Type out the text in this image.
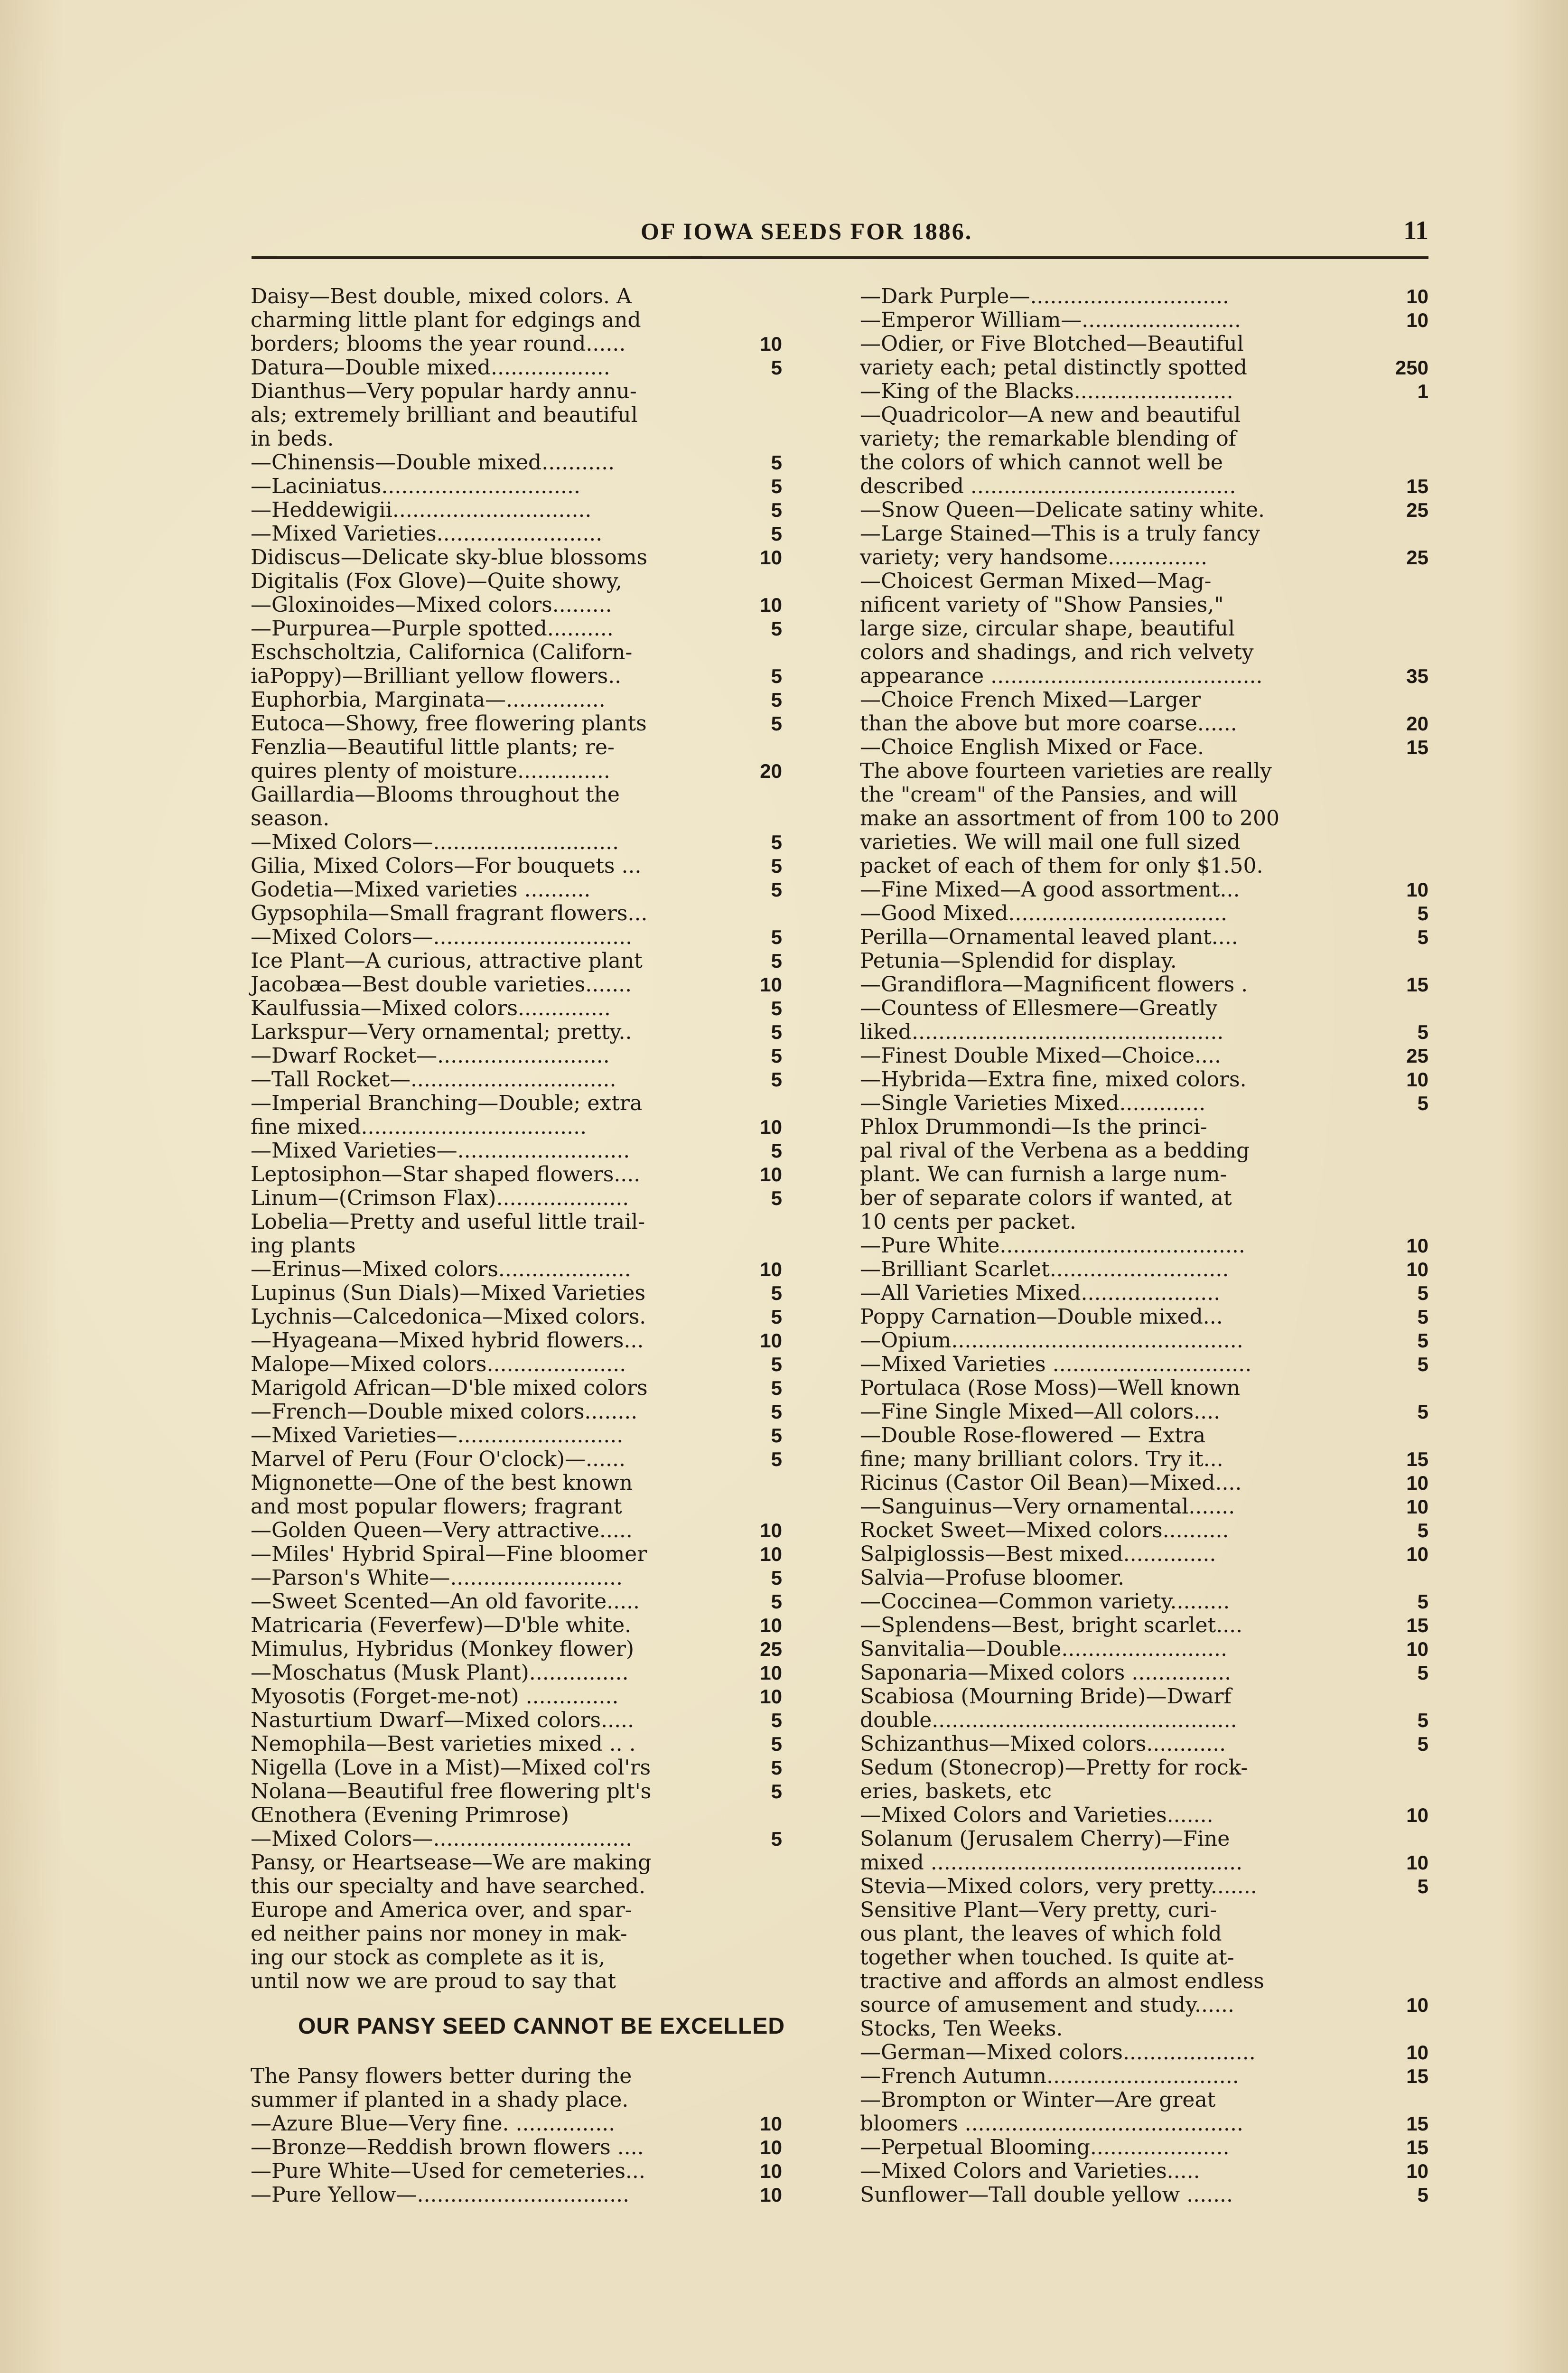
OF IOWA SEEDS FOR 1886.	11
Daisy—Best double, mixed colors. A
charming little plant for edgings and
borders; blooms the year round......	10
Datura—Double mixed..................	5
Dianthus—Very popular hardy annu-
als; extremely brilliant and beautiful
in beds.
—Chinensis—Double mixed...........	5
—Laciniatus..............................	5
—Heddewigii..............................	5
—Mixed Varieties.........................	5
Didiscus—Delicate sky-blue blossoms	10
Digitalis (Fox Glove)—Quite showy,
—Gloxinoides—Mixed colors.........	10
—Purpurea—Purple spotted..........	5
Eschscholtzia, Californica (Californ-
iaPoppy)—Brilliant yellow flowers..	5
Euphorbia, Marginata—...............	5
Eutoca—Showy, free flowering plants	5
Fenzlia—Beautiful little plants; re-
quires plenty of moisture..............	20
Gaillardia—Blooms throughout the
season.
—Mixed Colors—............................	5
Gilia, Mixed Colors—For bouquets ...	5
Godetia—Mixed varieties ..........	5
Gypsophila—Small fragrant flowers...
—Mixed Colors—..............................	5
Ice Plant—A curious, attractive plant	5
Jacobæa—Best double varieties.......	10
Kaulfussia—Mixed colors..............	5
Larkspur—Very ornamental; pretty..	5
—Dwarf Rocket—..........................	5
—Tall Rocket—...............................	5
—Imperial Branching—Double; extra
fine mixed..................................	10
—Mixed Varieties—..........................	5
Leptosiphon—Star shaped flowers....	10
Linum—(Crimson Flax)....................	5
Lobelia—Pretty and useful little trail-
ing plants
—Erinus—Mixed colors....................	10
Lupinus (Sun Dials)—Mixed Varieties	5
Lychnis—Calcedonica—Mixed colors.	5
—Hyageana—Mixed hybrid flowers...	10
Malope—Mixed colors.....................	5
Marigold African—D'ble mixed colors	5
—French—Double mixed colors........	5
—Mixed Varieties—.........................	5
Marvel of Peru (Four O'clock)—......	5
Mignonette—One of the best known
and most popular flowers; fragrant
—Golden Queen—Very attractive.....	10
—Miles' Hybrid Spiral—Fine bloomer	10
—Parson's White—..........................	5
—Sweet Scented—An old favorite.....	5
Matricaria (Feverfew)—D'ble white.	10
Mimulus, Hybridus (Monkey flower)	25
—Moschatus (Musk Plant)...............	10
Myosotis (Forget-me-not) ..............	10
Nasturtium Dwarf—Mixed colors.....	5
Nemophila—Best varieties mixed .. .	5
Nigella (Love in a Mist)—Mixed col'rs	5
Nolana—Beautiful free flowering plt's	5
Œnothera (Evening Primrose)
—Mixed Colors—..............................	5
Pansy, or Heartsease—We are making
this our specialty and have searched.
Europe and America over, and spar-
ed neither pains nor money in mak-
ing our stock as complete as it is,
until now we are proud to say that
OUR PANSY SEED CANNOT BE EXCELLED
The Pansy flowers better during the
summer if planted in a shady place.
—Azure Blue—Very fine. ...............	10
—Bronze—Reddish brown flowers ....	10
—Pure White—Used for cemeteries...	10
—Pure Yellow—................................	10
—Dark Purple—..............................	10
—Emperor William—........................	10
—Odier, or Five Blotched—Beautiful
variety each; petal distinctly spotted	250
—King of the Blacks........................	1
—Quadricolor—A new and beautiful
variety; the remarkable blending of
the colors of which cannot well be
described ........................................	15
—Snow Queen—Delicate satiny white.	25
—Large Stained—This is a truly fancy
variety; very handsome...............	25
—Choicest German Mixed—Mag-
nificent variety of "Show Pansies,"
large size, circular shape, beautiful
colors and shadings, and rich velvety
appearance .........................................	35
—Choice French Mixed—Larger
than the above but more coarse......	20
—Choice English Mixed or Face.	15
The above fourteen varieties are really
the "cream" of the Pansies, and will
make an assortment of from 100 to 200
varieties. We will mail one full sized
packet of each of them for only $1.50.
—Fine Mixed—A good assortment...	10
—Good Mixed.................................	5
Perilla—Ornamental leaved plant....	5
Petunia—Splendid for display.
—Grandiflora—Magnificent flowers .	15
—Countess of Ellesmere—Greatly
liked...............................................	5
—Finest Double Mixed—Choice....	25
—Hybrida—Extra fine, mixed colors.	10
—Single Varieties Mixed.............	5
Phlox Drummondi—Is the princi-
pal rival of the Verbena as a bedding
plant. We can furnish a large num-
ber of separate colors if wanted, at
10 cents per packet.
—Pure White.....................................	10
—Brilliant Scarlet...........................	10
—All Varieties Mixed.....................	5
Poppy Carnation—Double mixed...	5
—Opium............................................	5
—Mixed Varieties ..............................	5
Portulaca (Rose Moss)—Well known
—Fine Single Mixed—All colors....	5
—Double Rose-flowered — Extra
fine; many brilliant colors. Try it...	15
Ricinus (Castor Oil Bean)—Mixed....	10
—Sanguinus—Very ornamental.......	10
Rocket Sweet—Mixed colors..........	5
Salpiglossis—Best mixed..............	10
Salvia—Profuse bloomer.
—Coccinea—Common variety.........	5
—Splendens—Best, bright scarlet....	15
Sanvitalia—Double.........................	10
Saponaria—Mixed colors ...............	5
Scabiosa (Mourning Bride)—Dwarf
double..............................................	5
Schizanthus—Mixed colors............	5
Sedum (Stonecrop)—Pretty for rock-
eries, baskets, etc
—Mixed Colors and Varieties.......	10
Solanum (Jerusalem Cherry)—Fine
mixed ...............................................	10
Stevia—Mixed colors, very pretty.......	5
Sensitive Plant—Very pretty, curi-
ous plant, the leaves of which fold
together when touched. Is quite at-
tractive and affords an almost endless
source of amusement and study......	10
Stocks, Ten Weeks.
—German—Mixed colors....................	10
—French Autumn.............................	15
—Brompton or Winter—Are great
bloomers ..........................................	15
—Perpetual Blooming.....................	15
—Mixed Colors and Varieties.....	10
Sunflower—Tall double yellow .......	5
